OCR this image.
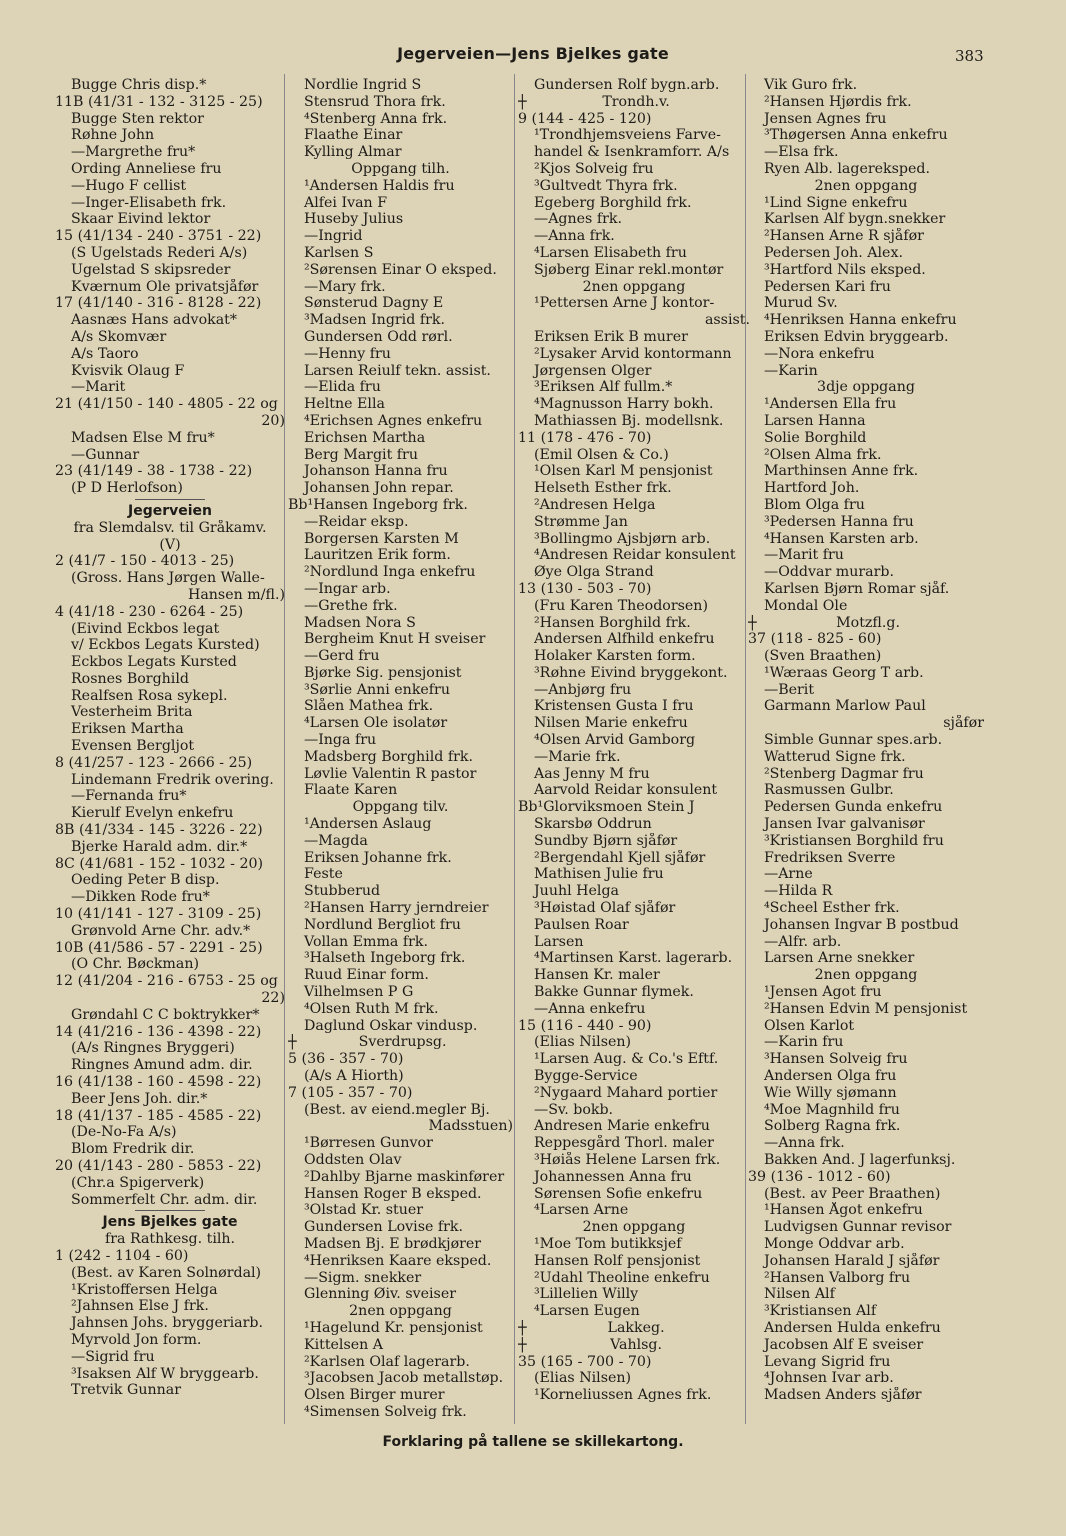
Jegerveien—Jens Bjelkes gate	383
Bugge Chris disp.*
11B (41/31 - 132 - 3125 - 25)
Bugge Sten rektor
Røhne John
—Margrethe fru*
Ording Anneliese fru
—Hugo F cellist
—Inger-Elisabeth frk.
Skaar Eivind lektor
15 (41/134 - 240 - 3751 - 22)
(S Ugelstads Rederi A/s)
Ugelstad S skipsreder
Kværnum Ole privatsjåfør
17 (41/140 - 316 - 8128 - 22)
Aasnæs Hans advokat*
A/s Skomvær
A/s Taoro
Kvisvik Olaug F
—Marit
21 (41/150 - 140 - 4805 - 22 og
20)
Madsen Else M fru*
—Gunnar
23 (41/149 - 38 - 1738 - 22)
(P D Herlofson)
Jegerveien
fra Slemdalsv. til Gråkamv.
(V)
2 (41/7 - 150 - 4013 - 25)
(Gross. Hans Jørgen Walle-
Hansen m/fl.)
4 (41/18 - 230 - 6264 - 25)
(Eivind Eckbos legat
v/ Eckbos Legats Kursted)
Eckbos Legats Kursted
Rosnes Borghild
Realfsen Rosa sykepl.
Vesterheim Brita
Eriksen Martha
Evensen Bergljot
8 (41/257 - 123 - 2666 - 25)
Lindemann Fredrik overing.
—Fernanda fru*
Kierulf Evelyn enkefru
8B (41/334 - 145 - 3226 - 22)
Bjerke Harald adm. dir.*
8C (41/681 - 152 - 1032 - 20)
Oeding Peter B disp.
—Dikken Rode fru*
10 (41/141 - 127 - 3109 - 25)
Grønvold Arne Chr. adv.*
10B (41/586 - 57 - 2291 - 25)
(O Chr. Bøckman)
12 (41/204 - 216 - 6753 - 25 og
22)
Grøndahl C C boktrykker*
14 (41/216 - 136 - 4398 - 22)
(A/s Ringnes Bryggeri)
Ringnes Amund adm. dir.
16 (41/138 - 160 - 4598 - 22)
Beer Jens Joh. dir.*
18 (41/137 - 185 - 4585 - 22)
(De-No-Fa A/s)
Blom Fredrik dir.
20 (41/143 - 280 - 5853 - 22)
(Chr.a Spigerverk)
Sommerfelt Chr. adm. dir.
Jens Bjelkes gate
fra Rathkesg. tilh.
1 (242 - 1104 - 60)
(Best. av Karen Solnørdal)
¹Kristoffersen Helga
²Jahnsen Else J frk.
Jahnsen Johs. bryggeriarb.
Myrvold Jon form.
—Sigrid fru
³Isaksen Alf W bryggearb.
Tretvik Gunnar
Nordlie Ingrid S
Stensrud Thora frk.
⁴Stenberg Anna frk.
Flaathe Einar
Kylling Almar
Oppgang tilh.
¹Andersen Haldis fru
Alfei Ivan F
Huseby Julius
—Ingrid
Karlsen S
²Sørensen Einar O eksped.
—Mary frk.
Sønsterud Dagny E
³Madsen Ingrid frk.
Gundersen Odd rørl.
—Henny fru
Larsen Reiulf tekn. assist.
—Elida fru
Heltne Ella
⁴Erichsen Agnes enkefru
Erichsen Martha
Berg Margit fru
Johanson Hanna fru
Johansen John repar.
Bb¹Hansen Ingeborg frk.
—Reidar eksp.
Borgersen Karsten M
Lauritzen Erik form.
²Nordlund Inga enkefru
—Ingar arb.
—Grethe frk.
Madsen Nora S
Bergheim Knut H sveiser
—Gerd fru
Bjørke Sig. pensjonist
³Sørlie Anni enkefru
Slåen Mathea frk.
⁴Larsen Ole isolatør
—Inga fru
Madsberg Borghild frk.
Løvlie Valentin R pastor
Flaate Karen
Oppgang tilv.
¹Andersen Aslaug
—Magda
Eriksen Johanne frk.
Feste
Stubberud
²Hansen Harry jerndreier
Nordlund Bergliot fru
Vollan Emma frk.
³Halseth Ingeborg frk.
Ruud Einar form.
Vilhelmsen P G
⁴Olsen Ruth M frk.
Daglund Oskar vindusp.
┼	Sverdrupsg.
5 (36 - 357 - 70)
(A/s A Hiorth)
7 (105 - 357 - 70)
(Best. av eiend.megler Bj.
Madsstuen)
¹Børresen Gunvor
Oddsten Olav
²Dahlby Bjarne maskinfører
Hansen Roger B eksped.
³Olstad Kr. stuer
Gundersen Lovise frk.
Madsen Bj. E brødkjører
⁴Henriksen Kaare eksped.
—Sigm. snekker
Glenning Øiv. sveiser
2nen oppgang
¹Hagelund Kr. pensjonist
Kittelsen A
²Karlsen Olaf lagerarb.
³Jacobsen Jacob metallstøp.
Olsen Birger murer
⁴Simensen Solveig frk.
Gundersen Rolf bygn.arb.
┼	Trondh.v.
9 (144 - 425 - 120)
¹Trondhjemsveiens Farve-
handel & Isenkramforr. A/s
²Kjos Solveig fru
³Gultvedt Thyra frk.
Egeberg Borghild frk.
—Agnes frk.
—Anna frk.
⁴Larsen Elisabeth fru
Sjøberg Einar rekl.montør
2nen oppgang
¹Pettersen Arne J kontor-
assist.
Eriksen Erik B murer
²Lysaker Arvid kontormann
Jørgensen Olger
³Eriksen Alf fullm.*
⁴Magnusson Harry bokh.
Mathiassen Bj. modellsnk.
11 (178 - 476 - 70)
(Emil Olsen & Co.)
¹Olsen Karl M pensjonist
Helseth Esther frk.
²Andresen Helga
Strømme Jan
³Bollingmo Ajsbjørn arb.
⁴Andresen Reidar konsulent
Øye Olga Strand
13 (130 - 503 - 70)
(Fru Karen Theodorsen)
²Hansen Borghild frk.
Andersen Alfhild enkefru
Holaker Karsten form.
³Røhne Eivind bryggekont.
—Anbjørg fru
Kristensen Gusta I fru
Nilsen Marie enkefru
⁴Olsen Arvid Gamborg
—Marie frk.
Aas Jenny M fru
Aarvold Reidar konsulent
Bb¹Glorviksmoen Stein J
Skarsbø Oddrun
Sundby Bjørn sjåfør
²Bergendahl Kjell sjåfør
Mathisen Julie fru
Juuhl Helga
³Høistad Olaf sjåfør
Paulsen Roar
Larsen
⁴Martinsen Karst. lagerarb.
Hansen Kr. maler
Bakke Gunnar flymek.
—Anna enkefru
15 (116 - 440 - 90)
(Elias Nilsen)
¹Larsen Aug. & Co.'s Eftf.
Bygge-Service
²Nygaard Mahard portier
—Sv. bokb.
Andresen Marie enkefru
Reppesgård Thorl. maler
³Høiås Helene Larsen frk.
Johannessen Anna fru
Sørensen Sofie enkefru
⁴Larsen Arne
2nen oppgang
¹Moe Tom butikksjef
Hansen Rolf pensjonist
²Udahl Theoline enkefru
³Lillelien Willy
⁴Larsen Eugen
┼	Lakkeg.
┼	Vahlsg.
35 (165 - 700 - 70)
(Elias Nilsen)
¹Korneliussen Agnes frk.
Vik Guro frk.
²Hansen Hjørdis frk.
Jensen Agnes fru
³Thøgersen Anna enkefru
—Elsa frk.
Ryen Alb. lagereksped.
2nen oppgang
¹Lind Signe enkefru
Karlsen Alf bygn.snekker
²Hansen Arne R sjåfør
Pedersen Joh. Alex.
³Hartford Nils eksped.
Pedersen Kari fru
Murud Sv.
⁴Henriksen Hanna enkefru
Eriksen Edvin bryggearb.
—Nora enkefru
—Karin
3dje oppgang
¹Andersen Ella fru
Larsen Hanna
Solie Borghild
²Olsen Alma frk.
Marthinsen Anne frk.
Hartford Joh.
Blom Olga fru
³Pedersen Hanna fru
⁴Hansen Karsten arb.
—Marit fru
—Oddvar murarb.
Karlsen Bjørn Romar sjåf.
Mondal Ole
┼	Motzfl.g.
37 (118 - 825 - 60)
(Sven Braathen)
¹Wæraas Georg T arb.
—Berit
Garmann Marlow Paul
sjåfør
Simble Gunnar spes.arb.
Watterud Signe frk.
²Stenberg Dagmar fru
Rasmussen Gulbr.
Pedersen Gunda enkefru
Jansen Ivar galvanisør
³Kristiansen Borghild fru
Fredriksen Sverre
—Arne
—Hilda R
⁴Scheel Esther frk.
Johansen Ingvar B postbud
—Alfr. arb.
Larsen Arne snekker
2nen oppgang
¹Jensen Agot fru
²Hansen Edvin M pensjonist
Olsen Karlot
—Karin fru
³Hansen Solveig fru
Andersen Olga fru
Wie Willy sjømann
⁴Moe Magnhild fru
Solberg Ragna frk.
—Anna frk.
Bakken And. J lagerfunksj.
39 (136 - 1012 - 60)
(Best. av Peer Braathen)
¹Hansen Ågot enkefru
Ludvigsen Gunnar revisor
Monge Oddvar arb.
Johansen Harald J sjåfør
²Hansen Valborg fru
Nilsen Alf
³Kristiansen Alf
Andersen Hulda enkefru
Jacobsen Alf E sveiser
Levang Sigrid fru
⁴Johnsen Ivar arb.
Madsen Anders sjåfør
Forklaring på tallene se skillekartong.
